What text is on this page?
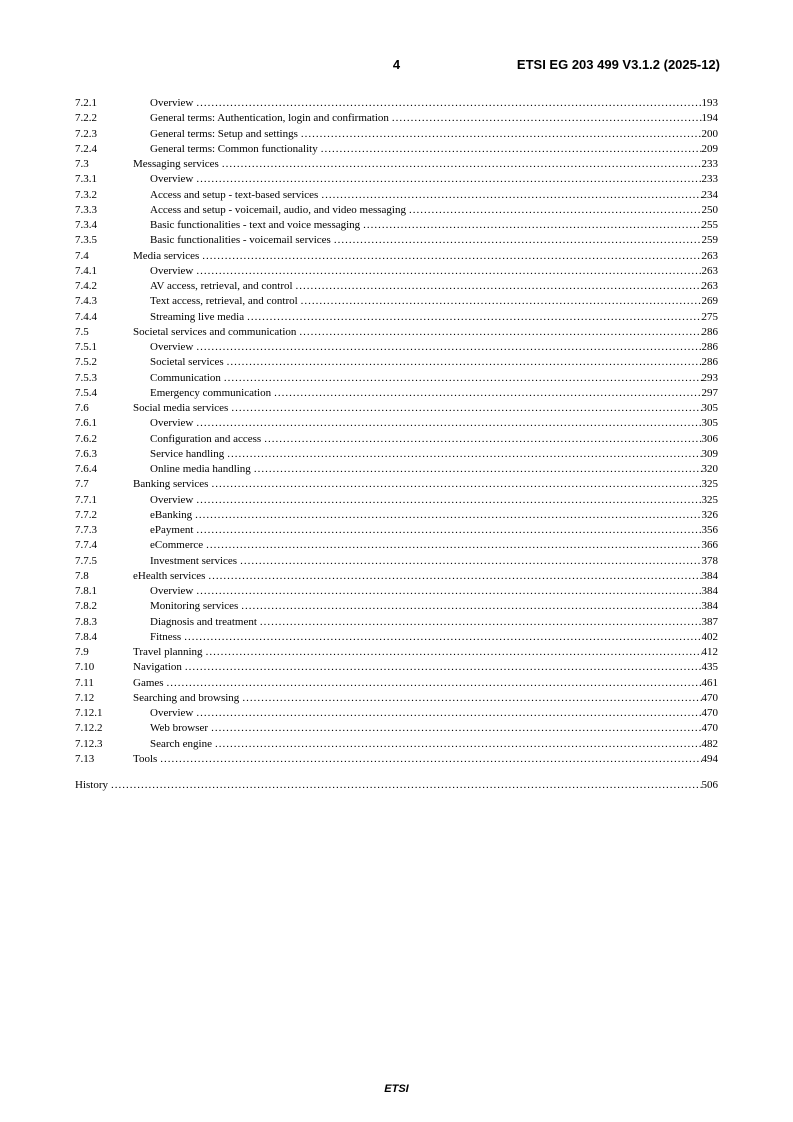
4	ETSI EG 203 499 V3.1.2 (2025-12)
7.2.1	Overview .....	193
7.2.2	General terms: Authentication, login and confirmation .....	194
7.2.3	General terms: Setup and settings .....	200
7.2.4	General terms: Common functionality .....	209
7.3	Messaging services .....	233
7.3.1	Overview .....	233
7.3.2	Access and setup - text-based services .....	234
7.3.3	Access and setup - voicemail, audio, and video messaging .....	250
7.3.4	Basic functionalities - text and voice messaging .....	255
7.3.5	Basic functionalities - voicemail services .....	259
7.4	Media services .....	263
7.4.1	Overview .....	263
7.4.2	AV access, retrieval, and control .....	263
7.4.3	Text access, retrieval, and control .....	269
7.4.4	Streaming live media .....	275
7.5	Societal services and communication .....	286
7.5.1	Overview .....	286
7.5.2	Societal services .....	286
7.5.3	Communication .....	293
7.5.4	Emergency communication .....	297
7.6	Social media services .....	305
7.6.1	Overview .....	305
7.6.2	Configuration and access .....	306
7.6.3	Service handling .....	309
7.6.4	Online media handling .....	320
7.7	Banking services .....	325
7.7.1	Overview .....	325
7.7.2	eBanking .....	326
7.7.3	ePayment .....	356
7.7.4	eCommerce .....	366
7.7.5	Investment services .....	378
7.8	eHealth services .....	384
7.8.1	Overview .....	384
7.8.2	Monitoring services .....	384
7.8.3	Diagnosis and treatment .....	387
7.8.4	Fitness .....	402
7.9	Travel planning .....	412
7.10	Navigation .....	435
7.11	Games .....	461
7.12	Searching and browsing .....	470
7.12.1	Overview .....	470
7.12.2	Web browser .....	470
7.12.3	Search engine .....	482
7.13	Tools .....	494
History .....	506
ETSI
